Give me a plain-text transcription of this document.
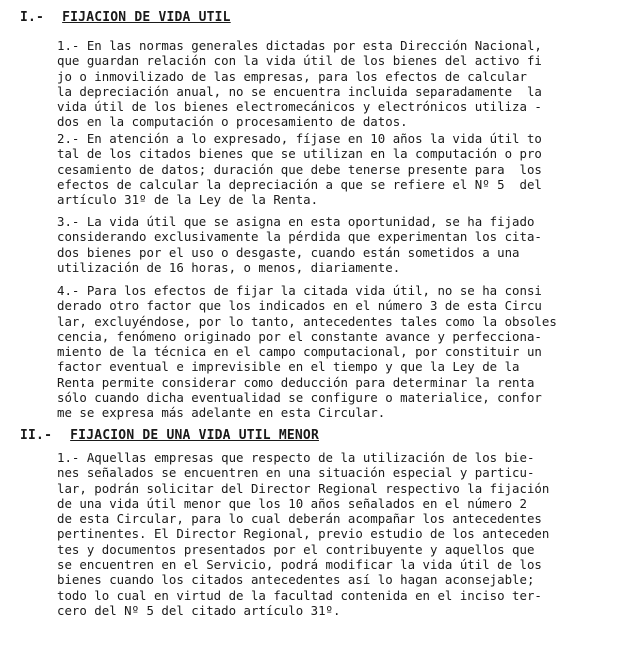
I.- FIJACION DE VIDA UTIL
1.- En las normas generales dictadas por esta Dirección Nacional,
que guardan relación con la vida útil de los bienes del activo fi
jo o inmovilizado de las empresas, para los efectos de calcular
la depreciación anual, no se encuentra incluida separadamente  la
vida útil de los bienes electromecánicos y electrónicos utiliza -
dos en la computación o procesamiento de datos.
2.- En atención a lo expresado, fíjase en 10 años la vida útil to
tal de los citados bienes que se utilizan en la computación o pro
cesamiento de datos; duración que debe tenerse presente para  los
efectos de calcular la depreciación a que se refiere el Nº 5  del
artículo 31º de la Ley de la Renta.
3.- La vida útil que se asigna en esta oportunidad, se ha fijado
considerando exclusivamente la pérdida que experimentan los cita-
dos bienes por el uso o desgaste, cuando están sometidos a una
utilización de 16 horas, o menos, diariamente.
4.- Para los efectos de fijar la citada vida útil, no se ha consi
derado otro factor que los indicados en el número 3 de esta Circu
lar, excluyéndose, por lo tanto, antecedentes tales como la obsoles
cencia, fenómeno originado por el constante avance y perfecciona-
miento de la técnica en el campo computacional, por constituir un
factor eventual e imprevisible en el tiempo y que la Ley de la
Renta permite considerar como deducción para determinar la renta
sólo cuando dicha eventualidad se configure o materialice, confor
me se expresa más adelante en esta Circular.
II.- FIJACION DE UNA VIDA UTIL MENOR
1.- Aquellas empresas que respecto de la utilización de los bie-
nes señalados se encuentren en una situación especial y particu-
lar, podrán solicitar del Director Regional respectivo la fijación
de una vida útil menor que los 10 años señalados en el número 2
de esta Circular, para lo cual deberán acompañar los antecedentes
pertinentes. El Director Regional, previo estudio de los anteceden
tes y documentos presentados por el contribuyente y aquellos que
se encuentren en el Servicio, podrá modificar la vida útil de los
bienes cuando los citados antecedentes así lo hagan aconsejable;
todo lo cual en virtud de la facultad contenida en el inciso ter-
cero del Nº 5 del citado artículo 31º.
